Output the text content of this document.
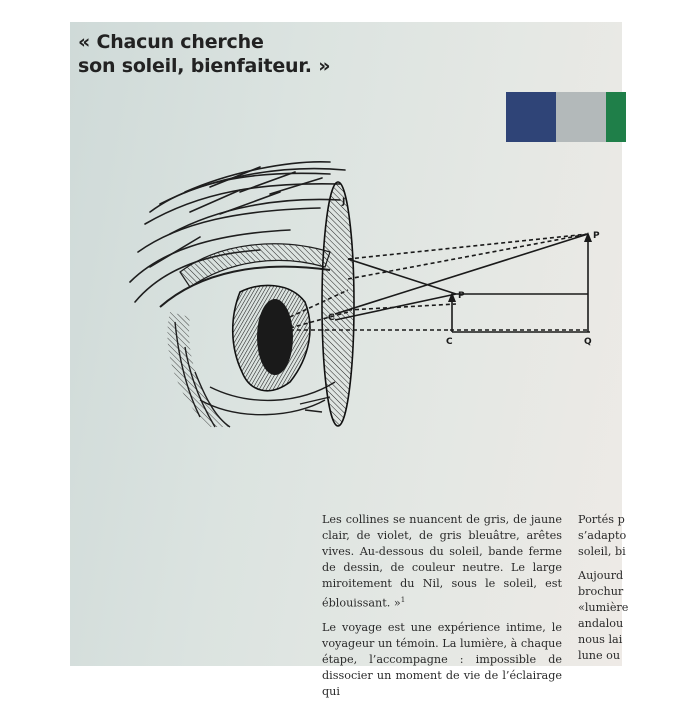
« Chacun cherche
son soleil, bienfaiteur. »
P
P
C
C	Q
J

Les collines se nuancent de gris, de jaune clair, de violet, de gris bleuâtre, arêtes vives. Au-dessous du soleil, bande ferme de dessin, de couleur neutre. Le large miroitement du Nil, sous le soleil, est éblouissant. »$^1$

Le voyage est une expérience intime, le voyageur un témoin. La lumière, à chaque étape, l’accompagne : impossible de dissocier un moment de vie de l’éclairage qui

Portés p
s’adapto
soleil, bi

Aujourd
brochur
«lumière
andalou
nous lai
lune ou
